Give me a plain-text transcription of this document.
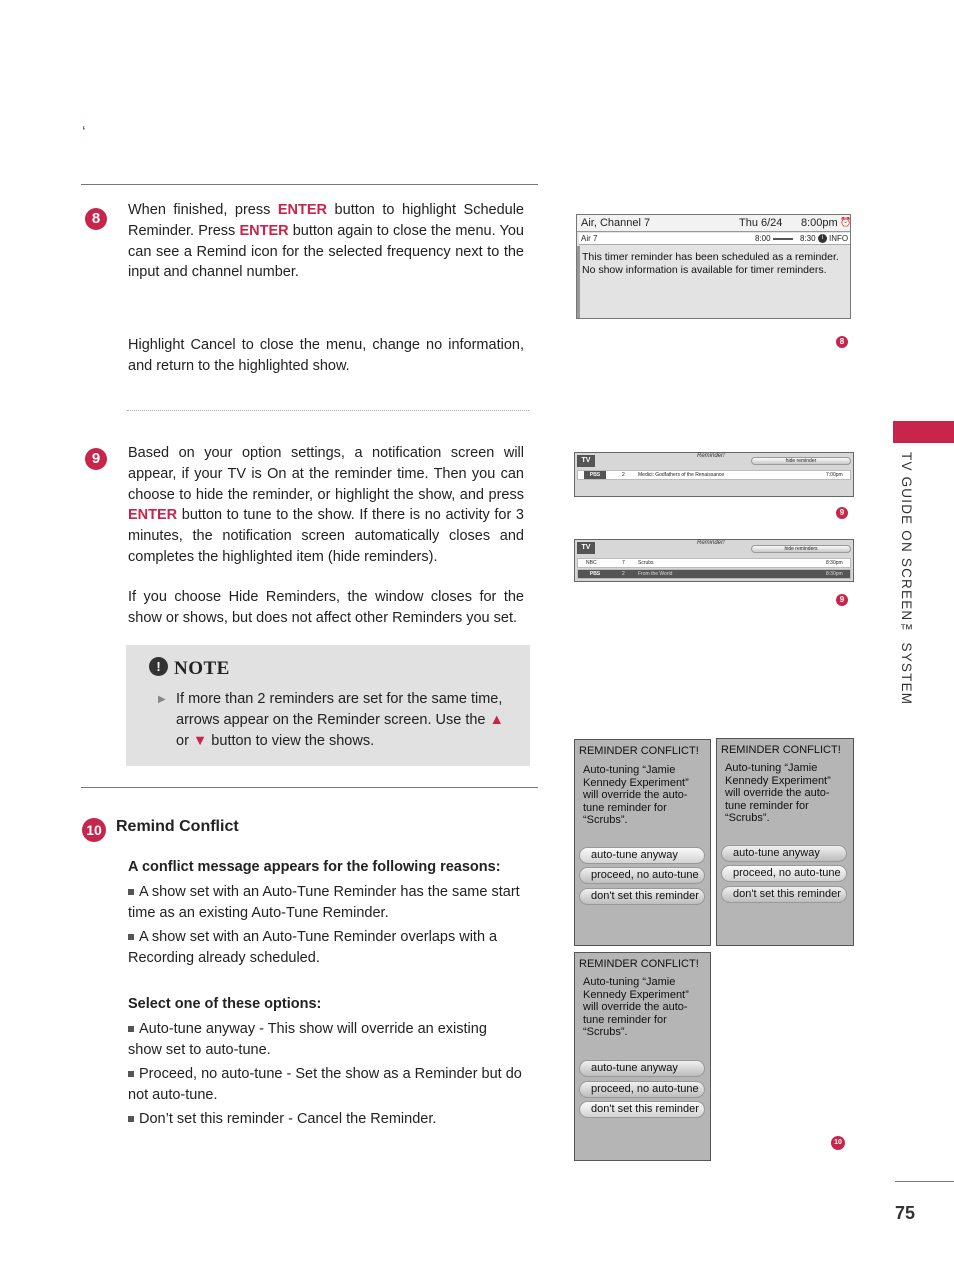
‘
TV GUIDE ON SCREEN™ SYSTEM
75
8	When finished, press ENTER button to highlight Schedule Reminder. Press ENTER button again to close the menu. You can see a Remind icon for the selected frequency next to the input and channel number.
Highlight Cancel to close the menu, change no information, and return to the highlighted show.
9	Based on your option settings, a notification screen will appear, if your TV is On at the reminder time. Then you can choose to hide the reminder, or highlight the show, and press ENTER button to tune to the show. If there is no activity for 3 minutes, the notification screen automatically closes and completes the highlighted item (hide reminders).
If you choose Hide Reminders, the window closes for the show or shows, but does not affect other Reminders you set.
! NOTE
▶ If more than 2 reminders are set for the same time, arrows appear on the Reminder screen. Use the ▲ or ▼ button to view the shows.
10 Remind Conflict
A conflict message appears for the following reasons:
A show set with an Auto-Tune Reminder has the same start time as an existing Auto-Tune Reminder.
A show set with an Auto-Tune Reminder overlaps with a Recording already scheduled.
Select one of these options:
Auto-tune anyway - This show will override an existing show set to auto-tune.
Proceed, no auto-tune - Set the show as a Reminder but do not auto-tune.
Don’t set this reminder - Cancel the Reminder.
Air, Channel 7	Thu 6/24 8:00pm ⏰
Air 7	8:00	8:30	i INFO
This timer reminder has been scheduled as a reminder. No show information is available for timer reminders.
8
TV
Reminder!
hide reminder
PBS	2	Medici: Godfathers of the Renaissance	7:00pm
9
TV
Reminder!
hide reminders
NBC	7	Scrubs	8:30pm
PBS	2	From the World	8:30pm
9
REMINDER CONFLICT!
Auto-tuning “Jamie Kennedy Experiment” will override the auto-tune reminder for “Scrubs”.
auto-tune anyway
proceed, no auto-tune
don't set this reminder
REMINDER CONFLICT!
Auto-tuning “Jamie Kennedy Experiment” will override the auto-tune reminder for “Scrubs”.
auto-tune anyway
proceed, no auto-tune
don't set this reminder
REMINDER CONFLICT!
Auto-tuning “Jamie Kennedy Experiment” will override the auto-tune reminder for “Scrubs”.
auto-tune anyway
proceed, no auto-tune
don't set this reminder
10
